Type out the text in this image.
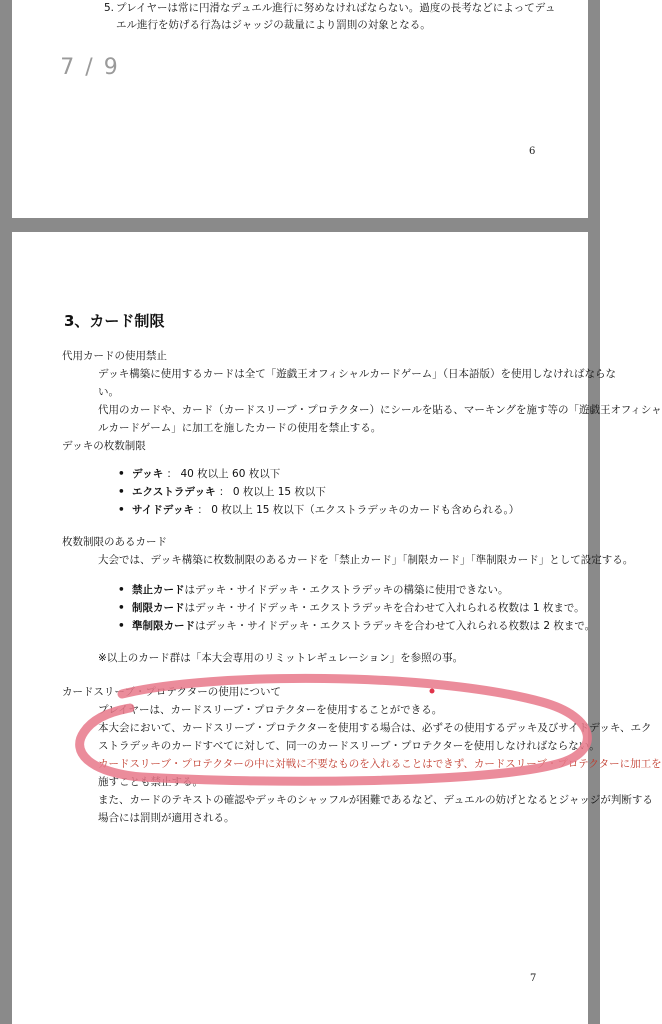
5. プレイヤーは常に円滑なデュエル進行に努めなければならない。過度の長考などによってデュエル進行を妨げる行為はジャッジの裁量により罰則の対象となる。
6
7 / 9
3、カード制限
代用カードの使用禁止
デッキ構築に使用するカードは全て「遊戯王オフィシャルカードゲーム」（日本語版）を使用しなければならな
い。
代用のカードや、カード（カードスリーブ・プロテクター）にシールを貼る、マーキングを施す等の「遊戯王オフィシャ
ルカードゲーム」に加工を施したカードの使用を禁止する。
デッキの枚数制限
• デッキ ： 40 枚以上 60 枚以下
• エクストラデッキ ： 0 枚以上 15 枚以下
• サイドデッキ ： 0 枚以上 15 枚以下（エクストラデッキのカードも含められる。）
枚数制限のあるカード
大会では、デッキ構築に枚数制限のあるカードを「禁止カード」「制限カード」「準制限カード」として設定する。
• 禁止カードはデッキ・サイドデッキ・エクストラデッキの構築に使用できない。
• 制限カードはデッキ・サイドデッキ・エクストラデッキを合わせて入れられる枚数は 1 枚まで。
• 準制限カードはデッキ・サイドデッキ・エクストラデッキを合わせて入れられる枚数は 2 枚まで。
※以上のカード群は「本大会専用のリミットレギュレーション」を参照の事。
カードスリーブ・プロテクターの使用について
プレイヤーは、カードスリーブ・プロテクターを使用することができる。
本大会において、カードスリーブ・プロテクターを使用する場合は、必ずその使用するデッキ及びサイドデッキ、エク
ストラデッキのカードすべてに対して、同一のカードスリーブ・プロテクターを使用しなければならない。
カードスリーブ・プロテクターの中に対戦に不要なものを入れることはできず、カードスリーブ・プロテクターに加工を
施すことも禁止する。
また、カードのテキストの確認やデッキのシャッフルが困難であるなど、デュエルの妨げとなるとジャッジが判断する
場合には罰則が適用される。
7
